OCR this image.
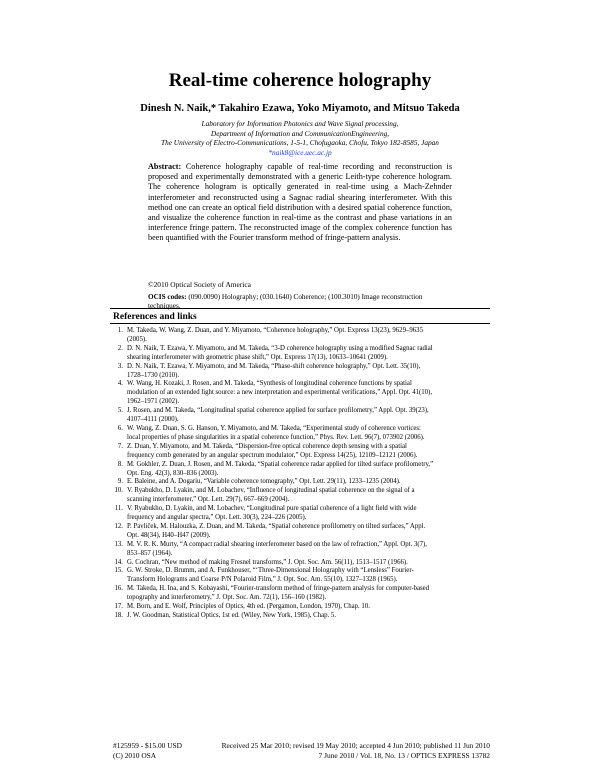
Real-time coherence holography
Dinesh N. Naik,* Takahiro Ezawa, Yoko Miyamoto, and Mitsuo Takeda
Laboratory for Information Photonics and Wave Signal processing,
Department of Information and CommunicationEngineering,
The University of Electro-Communications, 1-5-1, Chofugaoka, Chofu, Tokyo 182-8585, Japan
*naik8@ice.uec.ac.jp
Abstract: Coherence holography capable of real-time recording and reconstruction is proposed and experimentally demonstrated with a generic Leith-type coherence hologram. The coherence hologram is optically generated in real-time using a Mach-Zehnder interferometer and reconstructed using a Sagnac radial shearing interferometer. With this method one can create an optical field distribution with a desired spatial coherence function, and visualize the coherence function in real-time as the contrast and phase variations in an interference fringe pattern. The reconstructed image of the complex coherence function has been quantified with the Fourier transform method of fringe-pattern analysis.
©2010 Optical Society of America
OCIS codes: (090.0090) Holography; (030.1640) Coherence; (100.3010) Image reconstruction
techniques.
References and links
1. M. Takeda, W. Wang, Z. Duan, and Y. Miyamoto, “Coherence holography,” Opt. Express 13(23), 9629–9635
(2005).
2. D. N. Naik, T. Ezawa, Y. Miyamoto, and M. Takeda, “3-D coherence holography using a modified Sagnac radial
shearing interferometer with geometric phase shift,” Opt. Express 17(13), 10633–10641 (2009).
3. D. N. Naik, T. Ezawa, Y. Miyamoto, and M. Takeda, “Phase-shift coherence holography,” Opt. Lett. 35(10),
1728–1730 (2010).
4. W. Wang, H. Kozaki, J. Rosen, and M. Takeda, “Synthesis of longitudinal coherence functions by spatial
modulation of an extended light source: a new interpretation and experimental verifications,” Appl. Opt. 41(10),
1962–1971 (2002).
5. J. Rosen, and M. Takeda, “Longitudinal spatial coherence applied for surface profilometry,” Appl. Opt. 39(23),
4107–4111 (2000).
6. W. Wang, Z. Duan, S. G. Hanson, Y. Miyamoto, and M. Takeda, “Experimental study of coherence vortices:
local properties of phase singularities in a spatial coherence function,” Phys. Rev. Lett. 96(7), 073902 (2006).
7. Z. Duan, Y. Miyamoto, and M. Takeda, “Dispersion-free optical coherence depth sensing with a spatial
frequency comb generated by an angular spectrum modulator,” Opt. Express 14(25), 12109–12121 (2006).
8. M. Gokhler, Z. Duan, J. Rosen, and M. Takeda, “Spatial coherence radar applied for tilted surface profilometry,”
Opt. Eng. 42(3), 830–836 (2003).
9. E. Baleine, and A. Dogariu, “Variable coherence tomography,” Opt. Lett. 29(11), 1233–1235 (2004).
10. V. Ryabukho, D. Lyakin, and M. Lobachev, “Influence of longitudinal spatial coherence on the signal of a
scanning interferometer,” Opt. Lett. 29(7), 667–669 (2004).
11. V. Ryabukho, D. Lyakin, and M. Lobachev, “Longitudinal pure spatial coherence of a light field with wide
frequency and angular spectra,” Opt. Lett. 30(3), 224–226 (2005).
12. P. Pavliček, M. Halouzka, Z. Duan, and M. Takeda, “Spatial coherence profilometry on tilted surfaces,” Appl.
Opt. 48(34), H40–H47 (2009).
13. M. V. R. K. Murty, “A compact radial shearing interferometer based on the law of refraction,” Appl. Opt. 3(7),
853–857 (1964).
14. G. Cochran, “New method of making Fresnel transforms,” J. Opt. Soc. Am. 56(11), 1513–1517 (1966).
15. G. W. Stroke, D. Brumm, and A. Funkhouser, “‘Three-Dimensional Holography with “Lensless” Fourier-
Transform Holograms and Coarse P/N Polaroid Film,” J. Opt. Soc. Am. 55(10), 1327–1328 (1965).
16. M. Takeda, H. Ina, and S. Kobayashi, “Fourier-transform method of fringe-pattern analysis for computer-based
topography and interferometry,” J. Opt. Soc. Am. 72(1), 156–160 (1982).
17. M. Born, and E. Wolf, Principles of Optics, 4th ed. (Pergamon, London, 1970), Chap. 10.
18. J. W. Goodman, Statistical Optics, 1st ed. (Wiley, New York, 1985), Chap. 5.
#125959 - $15.00 USD
(C) 2010 OSA
Received 25 Mar 2010; revised 19 May 2010; accepted 4 Jun 2010; published 11 Jun 2010
7 June 2010 / Vol. 18, No. 13 / OPTICS EXPRESS 13782
